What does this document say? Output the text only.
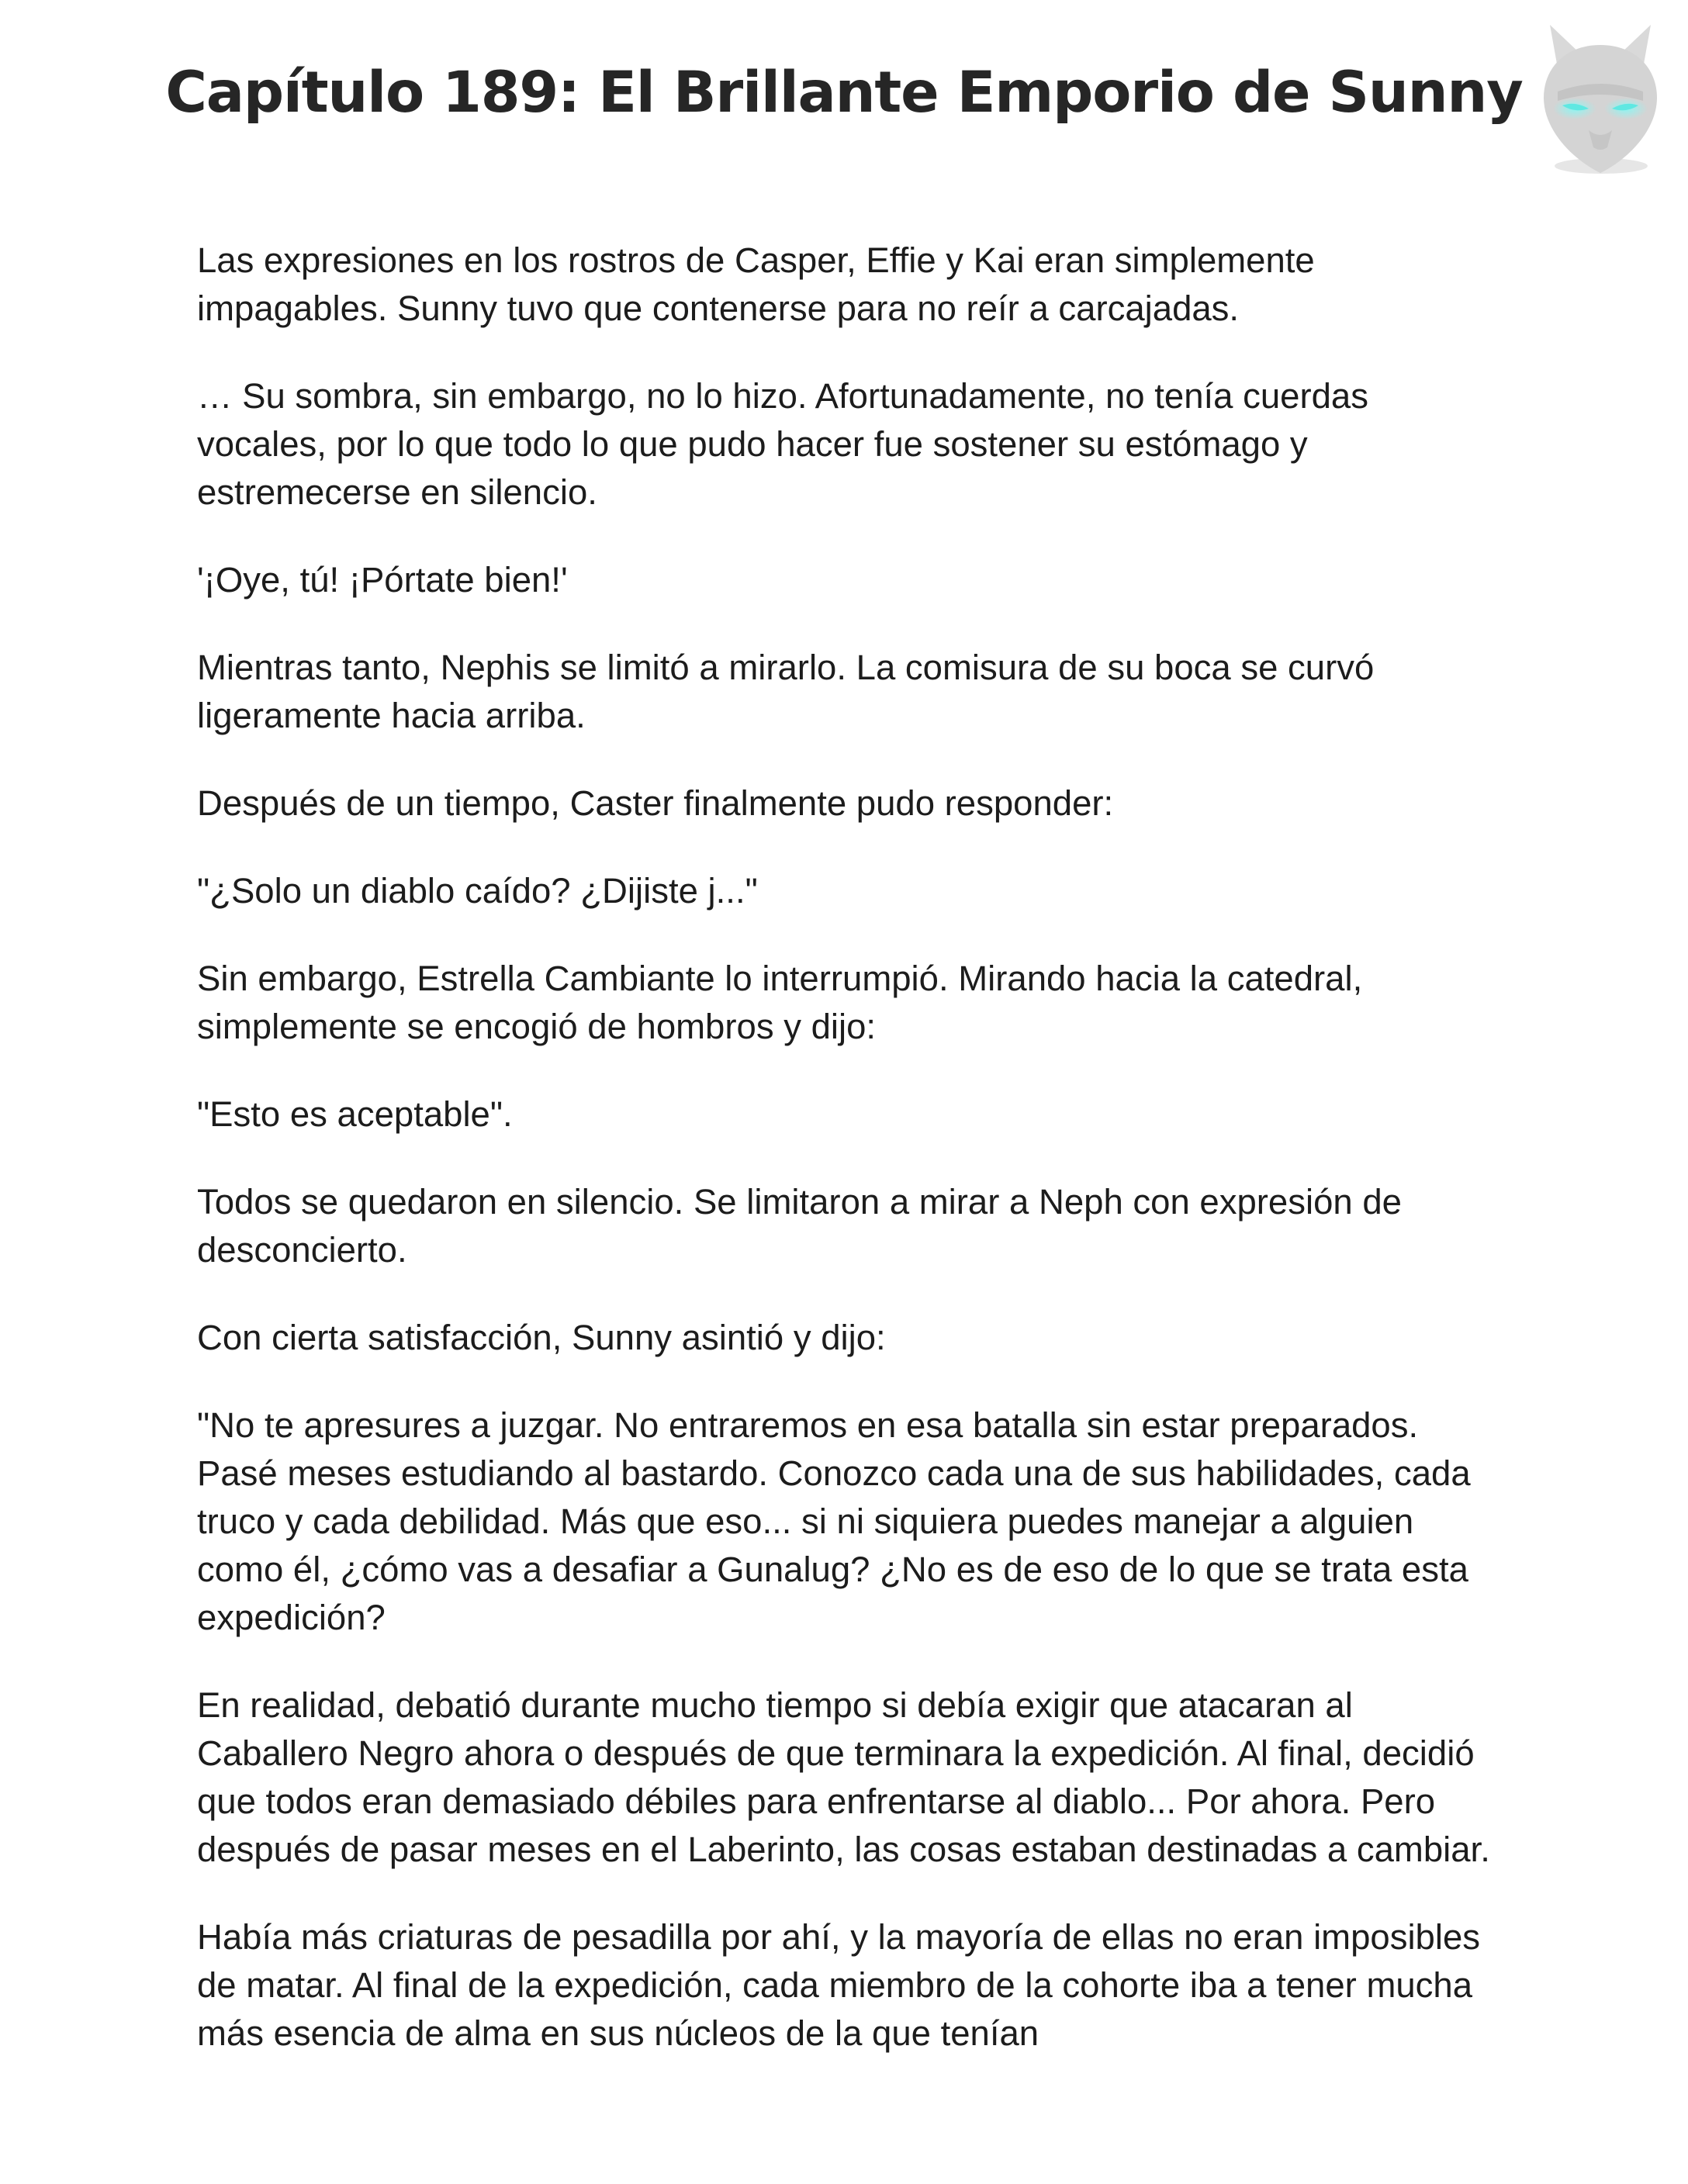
Capítulo 189: El Brillante Emporio de Sunny

Las expresiones en los rostros de Casper, Effie y Kai eran simplemente impagables. Sunny tuvo que contenerse para no reír a carcajadas.

… Su sombra, sin embargo, no lo hizo. Afortunadamente, no tenía cuerdas vocales, por lo que todo lo que pudo hacer fue sostener su estómago y estremecerse en silencio.

'¡Oye, tú! ¡Pórtate bien!'

Mientras tanto, Nephis se limitó a mirarlo. La comisura de su boca se curvó ligeramente hacia arriba.

Después de un tiempo, Caster finalmente pudo responder:

"¿Solo un diablo caído? ¿Dijiste j..."

Sin embargo, Estrella Cambiante lo interrumpió. Mirando hacia la catedral, simplemente se encogió de hombros y dijo:

"Esto es aceptable".

Todos se quedaron en silencio. Se limitaron a mirar a Neph con expresión de desconcierto.

Con cierta satisfacción, Sunny asintió y dijo:

"No te apresures a juzgar. No entraremos en esa batalla sin estar preparados. Pasé meses estudiando al bastardo. Conozco cada una de sus habilidades, cada truco y cada debilidad. Más que eso... si ni siquiera puedes manejar a alguien como él, ¿cómo vas a desafiar a Gunalug? ¿No es de eso de lo que se trata esta expedición?

En realidad, debatió durante mucho tiempo si debía exigir que atacaran al Caballero Negro ahora o después de que terminara la expedición. Al final, decidió que todos eran demasiado débiles para enfrentarse al diablo... Por ahora. Pero después de pasar meses en el Laberinto, las cosas estaban destinadas a cambiar.

Había más criaturas de pesadilla por ahí, y la mayoría de ellas no eran imposibles de matar. Al final de la expedición, cada miembro de la cohorte iba a tener mucha más esencia de alma en sus núcleos de la que tenían
